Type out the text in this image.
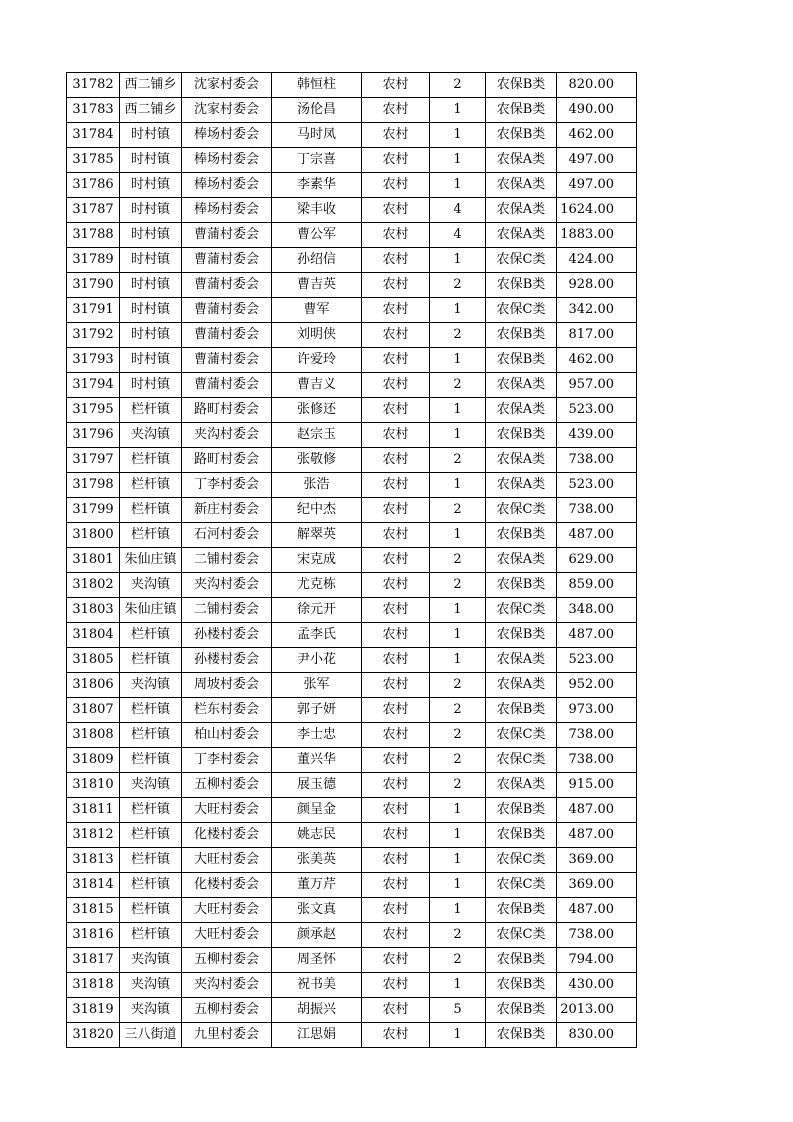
31782	西二铺乡	沈家村委会	韩恒柱	农村	2	农保B类	820.00
31783	西二铺乡	沈家村委会	汤伦昌	农村	1	农保B类	490.00
31784	时村镇	棒场村委会	马时凤	农村	1	农保B类	462.00
31785	时村镇	棒场村委会	丁宗喜	农村	1	农保A类	497.00
31786	时村镇	棒场村委会	李素华	农村	1	农保A类	497.00
31787	时村镇	棒场村委会	梁丰收	农村	4	农保A类	1624.00
31788	时村镇	曹蒲村委会	曹公军	农村	4	农保A类	1883.00
31789	时村镇	曹蒲村委会	孙绍信	农村	1	农保C类	424.00
31790	时村镇	曹蒲村委会	曹吉英	农村	2	农保B类	928.00
31791	时村镇	曹蒲村委会	曹军	农村	1	农保C类	342.00
31792	时村镇	曹蒲村委会	刘明侠	农村	2	农保B类	817.00
31793	时村镇	曹蒲村委会	许爱玲	农村	1	农保B类	462.00
31794	时村镇	曹蒲村委会	曹吉义	农村	2	农保A类	957.00
31795	栏杆镇	路町村委会	张修还	农村	1	农保A类	523.00
31796	夹沟镇	夹沟村委会	赵宗玉	农村	1	农保B类	439.00
31797	栏杆镇	路町村委会	张敬修	农村	2	农保A类	738.00
31798	栏杆镇	丁李村委会	张浩	农村	1	农保A类	523.00
31799	栏杆镇	新庄村委会	纪中杰	农村	2	农保C类	738.00
31800	栏杆镇	石河村委会	解翠英	农村	1	农保B类	487.00
31801	朱仙庄镇	二铺村委会	宋克成	农村	2	农保A类	629.00
31802	夹沟镇	夹沟村委会	尤克栋	农村	2	农保B类	859.00
31803	朱仙庄镇	二铺村委会	徐元开	农村	1	农保C类	348.00
31804	栏杆镇	孙楼村委会	孟李氏	农村	1	农保B类	487.00
31805	栏杆镇	孙楼村委会	尹小花	农村	1	农保A类	523.00
31806	夹沟镇	周坡村委会	张军	农村	2	农保A类	952.00
31807	栏杆镇	栏东村委会	郭子妍	农村	2	农保B类	973.00
31808	栏杆镇	柏山村委会	李士忠	农村	2	农保C类	738.00
31809	栏杆镇	丁李村委会	董兴华	农村	2	农保C类	738.00
31810	夹沟镇	五柳村委会	展玉德	农村	2	农保A类	915.00
31811	栏杆镇	大旺村委会	颜呈金	农村	1	农保B类	487.00
31812	栏杆镇	化楼村委会	姚志民	农村	1	农保B类	487.00
31813	栏杆镇	大旺村委会	张美英	农村	1	农保C类	369.00
31814	栏杆镇	化楼村委会	董万芹	农村	1	农保C类	369.00
31815	栏杆镇	大旺村委会	张文真	农村	1	农保B类	487.00
31816	栏杆镇	大旺村委会	颜承赵	农村	2	农保C类	738.00
31817	夹沟镇	五柳村委会	周圣怀	农村	2	农保B类	794.00
31818	夹沟镇	夹沟村委会	祝书美	农村	1	农保B类	430.00
31819	夹沟镇	五柳村委会	胡振兴	农村	5	农保B类	2013.00
31820	三八街道	九里村委会	江思娟	农村	1	农保B类	830.00
